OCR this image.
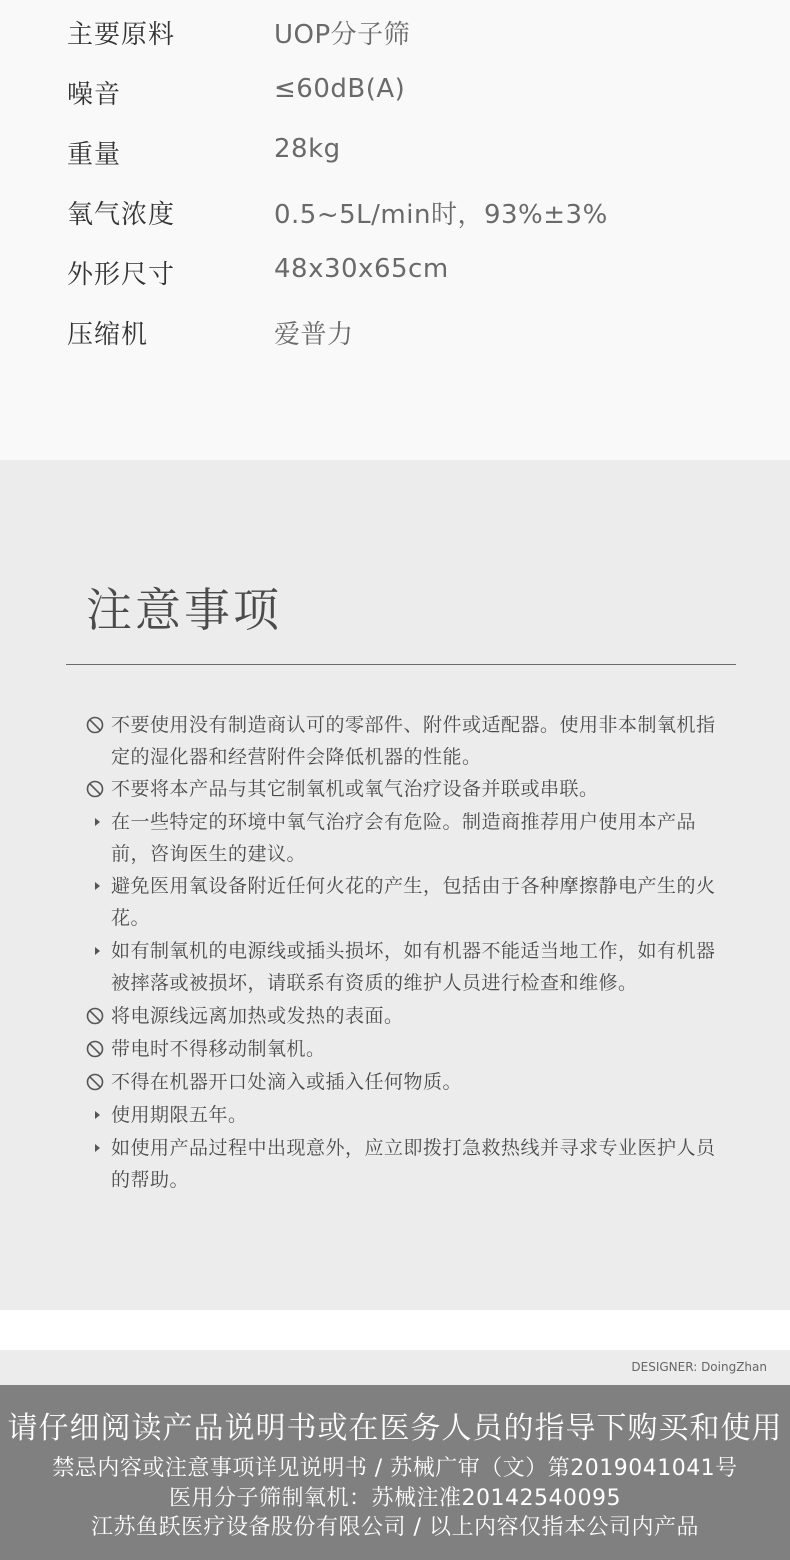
主要原料	UOP分子筛
噪音	≤60dB(A)
重量	28kg
氧气浓度	0.5~5L/min时，93%±3%
外形尺寸	48x30x65cm
压缩机	爱普力
注意事项
不要使用没有制造商认可的零部件、附件或适配器。使用非本制氧机指定的湿化器和经营附件会降低机器的性能。
不要将本产品与其它制氧机或氧气治疗设备并联或串联。
在一些特定的环境中氧气治疗会有危险。制造商推荐用户使用本产品前，咨询医生的建议。
避免医用氧设备附近任何火花的产生，包括由于各种摩擦静电产生的火花。
如有制氧机的电源线或插头损坏，如有机器不能适当地工作，如有机器被摔落或被损坏，请联系有资质的维护人员进行检查和维修。
将电源线远离加热或发热的表面。
带电时不得移动制氧机。
不得在机器开口处滴入或插入任何物质。
使用期限五年。
如使用产品过程中出现意外，应立即拨打急救热线并寻求专业医护人员的帮助。
DESIGNER: DoingZhan
请仔细阅读产品说明书或在医务人员的指导下购买和使用
禁忌内容或注意事项详见说明书 / 苏械广审（文）第2019041041号
医用分子筛制氧机：苏械注准20142540095
江苏鱼跃医疗设备股份有限公司 / 以上内容仅指本公司内产品
